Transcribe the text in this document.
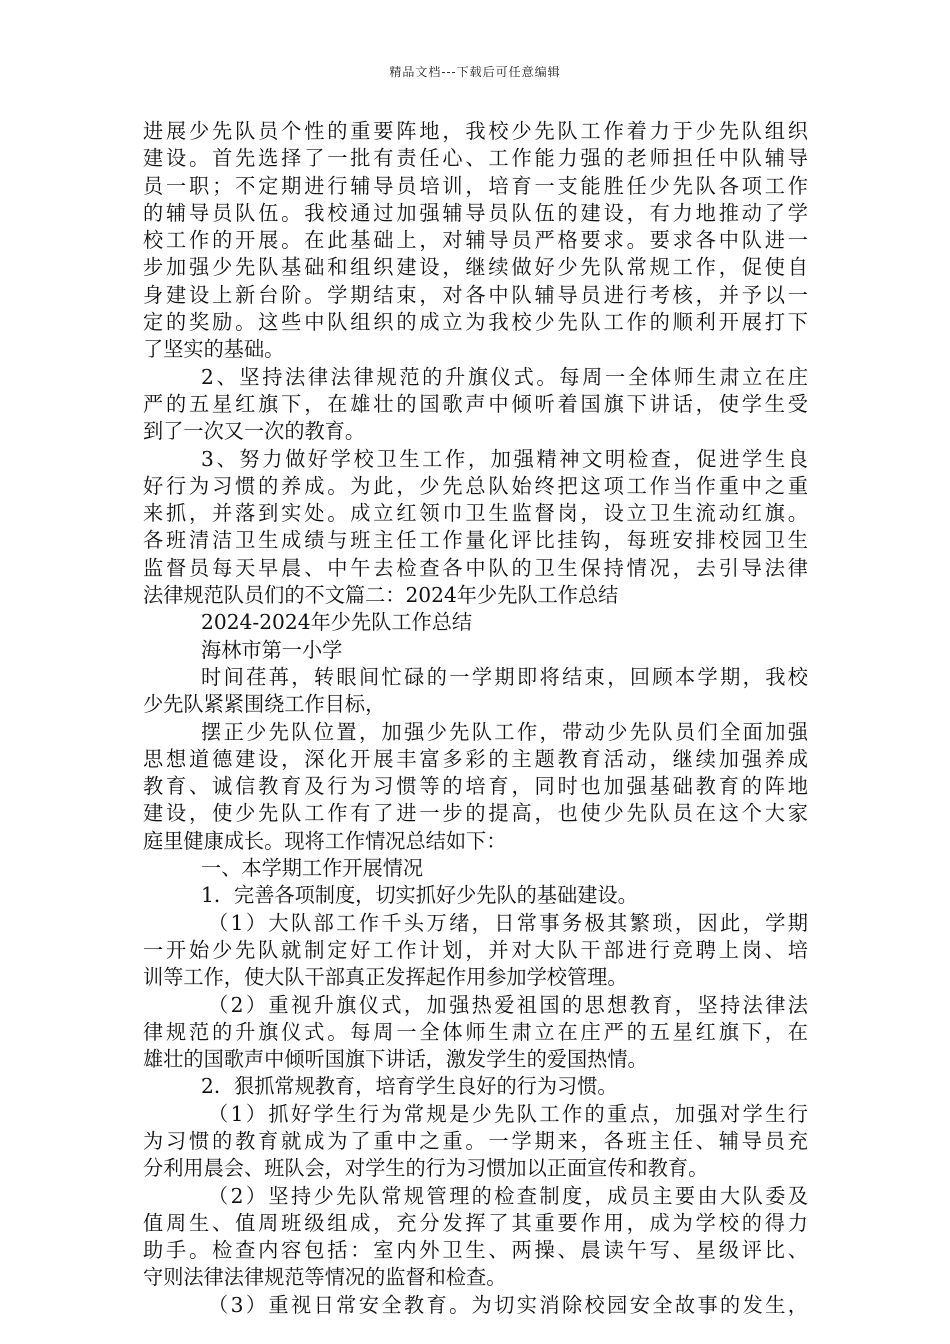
精品文档---下载后可任意编辑
进展少先队员个性的重要阵地，我校少先队工作着力于少先队组织
建设。首先选择了一批有责任心、工作能力强的老师担任中队辅导
员一职；不定期进行辅导员培训，培育一支能胜任少先队各项工作
的辅导员队伍。我校通过加强辅导员队伍的建设，有力地推动了学
校工作的开展。在此基础上，对辅导员严格要求。要求各中队进一
步加强少先队基础和组织建设，继续做好少先队常规工作，促使自
身建设上新台阶。学期结束，对各中队辅导员进行考核，并予以一
定的奖励。这些中队组织的成立为我校少先队工作的顺利开展打下
了坚实的基础。
2、坚持法律法律规范的升旗仪式。每周一全体师生肃立在庄
严的五星红旗下，在雄壮的国歌声中倾听着国旗下讲话，使学生受
到了一次又一次的教育。
3、努力做好学校卫生工作，加强精神文明检查，促进学生良
好行为习惯的养成。为此，少先总队始终把这项工作当作重中之重
来抓，并落到实处。成立红领巾卫生监督岗，设立卫生流动红旗。
各班清洁卫生成绩与班主任工作量化评比挂钩，每班安排校园卫生
监督员每天早晨、中午去检查各中队的卫生保持情况，去引导法律
法律规范队员们的不文篇二：2024年少先队工作总结
2024-2024年少先队工作总结
海林市第一小学
时间荏苒，转眼间忙碌的一学期即将结束，回顾本学期，我校
少先队紧紧围绕工作目标，
摆正少先队位置，加强少先队工作，带动少先队员们全面加强
思想道德建设，深化开展丰富多彩的主题教育活动，继续加强养成
教育、诚信教育及行为习惯等的培育，同时也加强基础教育的阵地
建设，使少先队工作有了进一步的提高，也使少先队员在这个大家
庭里健康成长。现将工作情况总结如下：
一、本学期工作开展情况
1．完善各项制度，切实抓好少先队的基础建设。
（1）大队部工作千头万绪，日常事务极其繁琐，因此，学期
一开始少先队就制定好工作计划，并对大队干部进行竞聘上岗、培
训等工作，使大队干部真正发挥起作用参加学校管理。
（2）重视升旗仪式，加强热爱祖国的思想教育，坚持法律法
律规范的升旗仪式。每周一全体师生肃立在庄严的五星红旗下，在
雄壮的国歌声中倾听国旗下讲话，激发学生的爱国热情。
2．狠抓常规教育，培育学生良好的行为习惯。
（1）抓好学生行为常规是少先队工作的重点，加强对学生行
为习惯的教育就成为了重中之重。一学期来，各班主任、辅导员充
分利用晨会、班队会，对学生的行为习惯加以正面宣传和教育。
（2）坚持少先队常规管理的检查制度，成员主要由大队委及
值周生、值周班级组成，充分发挥了其重要作用，成为学校的得力
助手。检查内容包括：室内外卫生、两操、晨读午写、星级评比、
守则法律法律规范等情况的监督和检查。
（3）重视日常安全教育。为切实消除校园安全故事的发生，
